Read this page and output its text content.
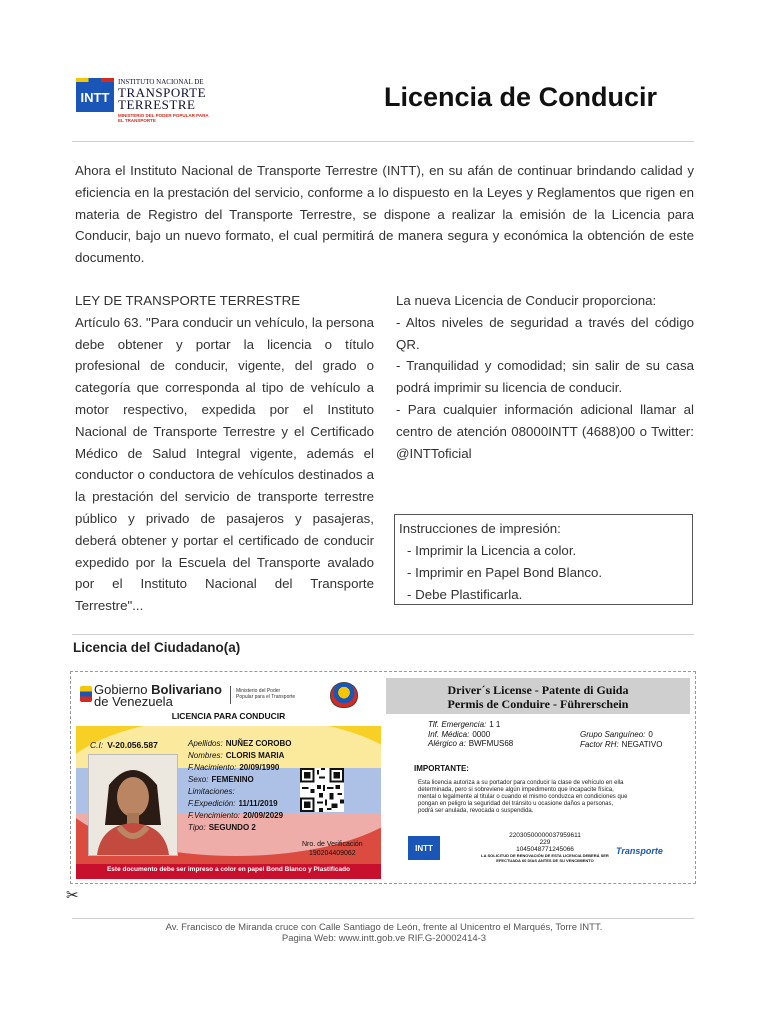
INTT
INSTITUTO NACIONAL DE
TRANSPORTE
TERRESTRE
MINISTERIO DEL PODER POPULAR PARA EL TRANSPORTE
Licencia de Conducir
Ahora el Instituto Nacional de Transporte Terrestre (INTT), en su afán de continuar brindando calidad y eficiencia en la prestación del servicio, conforme a lo dispuesto en la Leyes y Reglamentos que rigen en materia de Registro del Transporte Terrestre, se dispone a realizar la emisión de la Licencia para Conducir, bajo un nuevo formato, el cual permitirá de manera segura y económica la obtención de este documento.
LEY DE TRANSPORTE TERRESTRE
Artículo 63. "Para conducir un vehículo, la persona debe obtener y portar la licencia o título profesional de conducir, vigente, del grado o categoría que corresponda al tipo de vehículo a motor respectivo, expedida por el Instituto Nacional de Transporte Terrestre y el Certificado Médico de Salud Integral vigente, además el conductor o conductora de vehículos destinados a la prestación del servicio de transporte terrestre público y privado de pasajeros y pasajeras, deberá obtener y portar el certificado de conducir expedido por la Escuela del Transporte avalado por el Instituto Nacional del Transporte Terrestre"...

La nueva Licencia de Conducir proporciona:

- Altos niveles de seguridad a través del código QR.

- Tranquilidad y comodidad; sin salir de su casa podrá imprimir su licencia de conducir.

- Para cualquier información adicional llamar al centro de atención 08000INTT (4688)00 o Twitter: @INTToficial

Instrucciones de impresión:
- Imprimir la Licencia a color.
- Imprimir en Papel Bond Blanco.
- Debe Plastificarla.
Licencia del Ciudadano(a)
Gobierno Bolivariano
de Venezuela
Ministerio del Poder Popular para el Transporte
LICENCIA PARA CONDUCIR
C.I: V-20.056.587	Apellidos: NUÑEZ COROBO
Nombres: CLORIS MARIA
F.Nacimiento: 20/09/1990
Sexo: FEMENINO
Limitaciones:
F.Expedición: 11/11/2019
F.Vencimiento: 20/09/2029
Tipo: SEGUNDO 2
Nro. de Verificación
190204409062
Este documento debe ser impreso a color en papel Bond Blanco y Plastificado
Driver´s License - Patente di Guida
Permis de Conduire - Führerschein
Tlf. Emergencia: 1 1
Inf. Médica: 0000
Alérgico a: BWFMUS68
Grupo Sanguíneo: 0
Factor RH: NEGATIVO
IMPORTANTE:
Esta licencia autoriza a su portador para conducir la clase de vehículo en ella determinada, pero si sobreviene algún impedimento que incapacite física, mental o legalmente al titular o cuando el mismo conduzca en condiciones que pongan en peligro la seguridad del tránsito u ocasione daños a personas, podrá ser anulada, revocada o suspendida.
INTT
22030500000037959611
229
1045048771245066
LA SOLICITUD DE RENOVACIÓN DE ESTA LICENCIA DEBERÁ SER EFECTUADA 60 DÍAS ANTES DE SU VENCIMIENTO
Transporte
✂
Av. Francisco de Miranda cruce con Calle Santiago de León, frente al Unicentro el Marqués, Torre INTT.
Pagina Web: www.intt.gob.ve RIF.G-20002414-3
